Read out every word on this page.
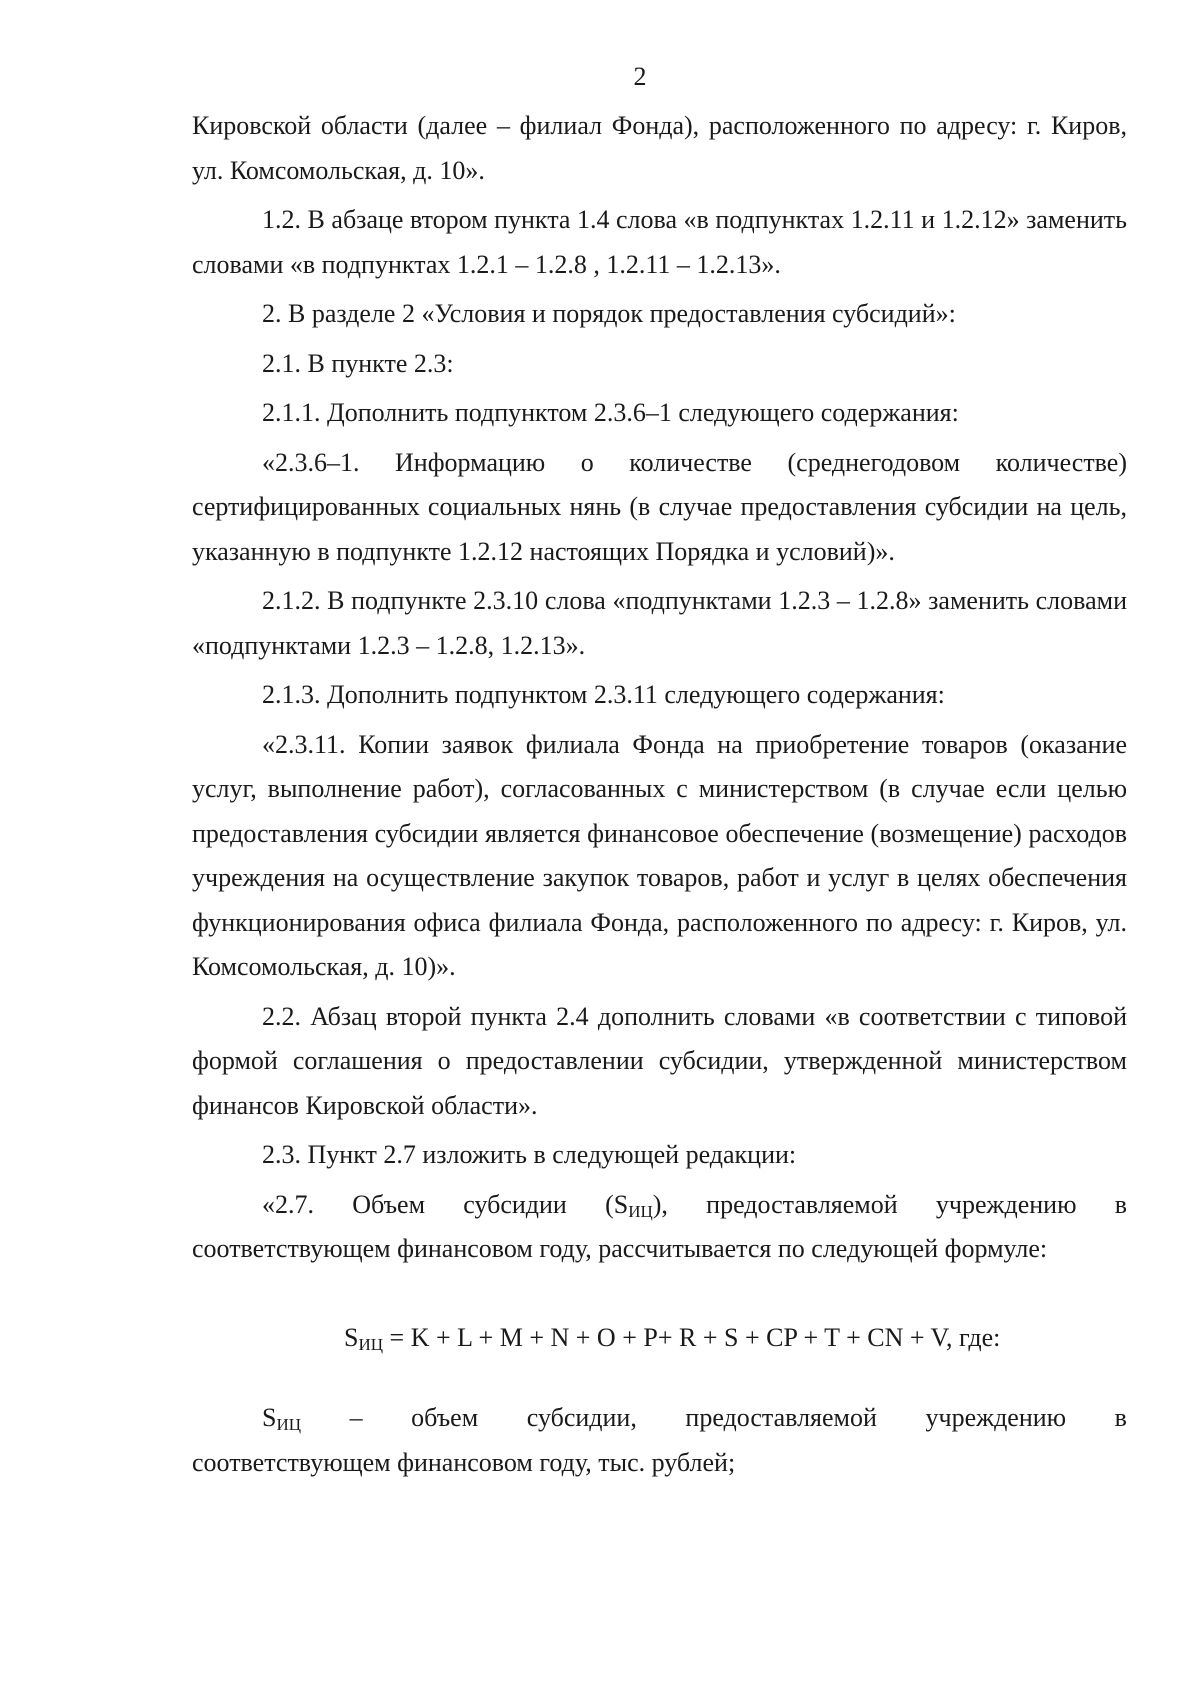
2

Кировской области (далее – филиал Фонда), расположенного по адресу: г. Киров, ул. Комсомольская, д. 10».

1.2. В абзаце втором пункта 1.4 слова «в подпунктах 1.2.11 и 1.2.12» заменить словами «в подпунктах 1.2.1 – 1.2.8 , 1.2.11 – 1.2.13».

2. В разделе 2 «Условия и порядок предоставления субсидий»:

2.1. В пункте 2.3:

2.1.1. Дополнить подпунктом 2.3.6–1 следующего содержания:

«2.3.6–1. Информацию о количестве (среднегодовом количестве) сертифицированных социальных нянь (в случае предоставления субсидии на цель, указанную в подпункте 1.2.12 настоящих Порядка и условий)».

2.1.2. В подпункте 2.3.10 слова «подпунктами 1.2.3 – 1.2.8» заменить словами «подпунктами 1.2.3 – 1.2.8, 1.2.13».

2.1.3. Дополнить подпунктом 2.3.11 следующего содержания:

«2.3.11. Копии заявок филиала Фонда на приобретение товаров (оказание услуг, выполнение работ), согласованных с министерством (в случае если целью предоставления субсидии является финансовое обеспечение (возмещение) расходов учреждения на осуществление закупок товаров, работ и услуг в целях обеспечения функционирования офиса филиала Фонда, расположенного по адресу: г. Киров, ул. Комсомольская, д. 10)».

2.2. Абзац второй пункта 2.4 дополнить словами «в соответствии с типовой формой соглашения о предоставлении субсидии, утвержденной министерством финансов Кировской области».

2.3. Пункт 2.7 изложить в следующей редакции:

«2.7. Объем субсидии $(S_{ИЦ})$, предоставляемой учреждению в соответствующем финансовом году, рассчитывается по следующей формуле:

$S_{ИЦ} = K + L + M + N + O + P+ R + S$ + CP + T + CN + V, где:
$S_{ИЦ}$ – объем субсидии, предоставляемой учреждению в
соответствующем финансовом году, тыс. рублей;
